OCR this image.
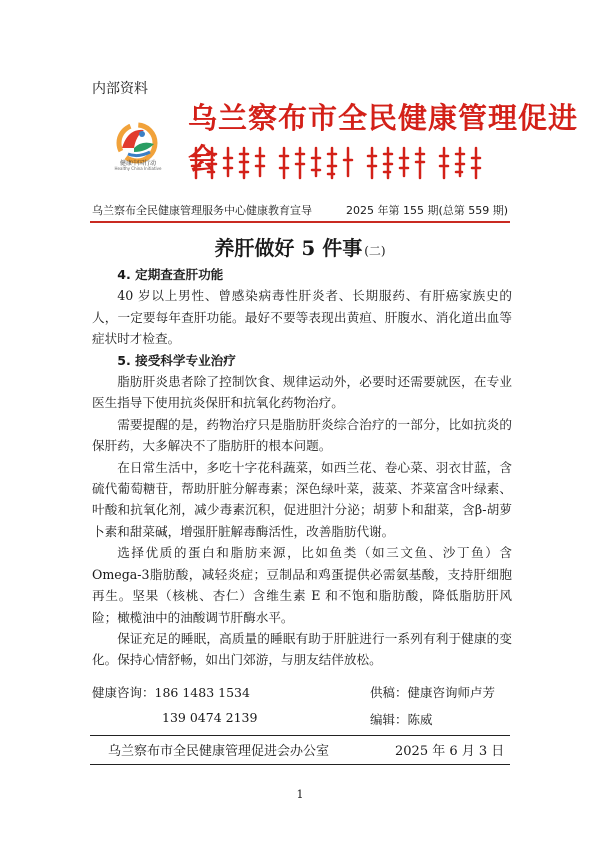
内部资料
健康中国行动
Healthy China Initiative
乌兰察布市全民健康管理促进会
乌兰察布全民健康管理服务中心健康教育宣导	2025 年第 155 期(总第 559 期)
养肝做好 5 件事 (二)
4. 定期查查肝功能

40 岁以上男性、曾感染病毒性肝炎者、长期服药、有肝癌家族史的人，一定要每年查肝功能。最好不要等表现出黄疸、肝腹水、消化道出血等症状时才检查。

5. 接受科学专业治疗

脂肪肝炎患者除了控制饮食、规律运动外，必要时还需要就医，在专业医生指导下使用抗炎保肝和抗氧化药物治疗。

需要提醒的是，药物治疗只是脂肪肝炎综合治疗的一部分，比如抗炎的保肝药，大多解决不了脂肪肝的根本问题。

在日常生活中，多吃十字花科蔬菜，如西兰花、卷心菜、羽衣甘蓝，含硫代葡萄糖苷，帮助肝脏分解毒素；深色绿叶菜，菠菜、芥菜富含叶绿素、叶酸和抗氧化剂，减少毒素沉积，促进胆汁分泌；胡萝卜和甜菜，含β-胡萝卜素和甜菜碱，增强肝脏解毒酶活性，改善脂肪代谢。

选择优质的蛋白和脂肪来源，比如鱼类（如三文鱼、沙丁鱼）含Omega-3脂肪酸，减轻炎症；豆制品和鸡蛋提供必需氨基酸，支持肝细胞再生。坚果（核桃、杏仁）含维生素 E 和不饱和脂肪酸，降低脂肪肝风险；橄榄油中的油酸调节肝酶水平。

保证充足的睡眠，高质量的睡眠有助于肝脏进行一系列有利于健康的变化。保持心情舒畅，如出门郊游，与朋友结伴放松。

健康咨询：186 1483 1534
139 0474 2139
供稿：健康咨询师卢芳
编辑：陈威
乌兰察布市全民健康管理促进会办公室	2025 年 6 月 3 日
1
